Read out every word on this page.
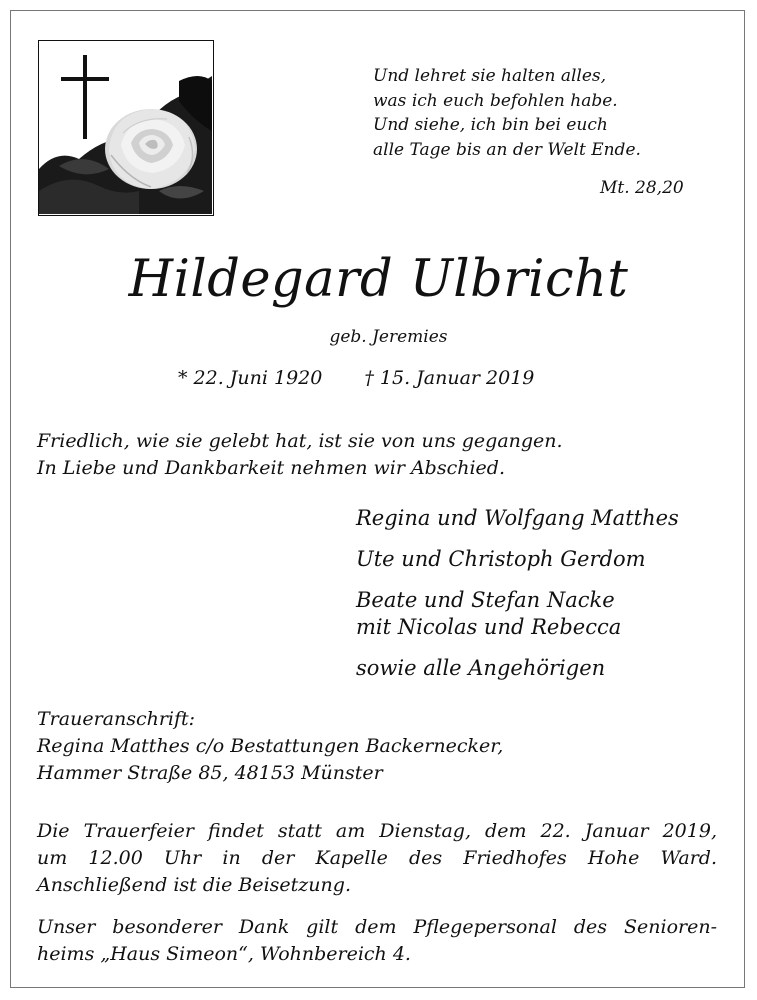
Und lehret sie halten alles,
was ich euch befohlen habe.
Und siehe, ich bin bei euch
alle Tage bis an der Welt Ende.
Mt. 28,20
Hildegard Ulbricht
geb. Jeremies
* 22. Juni 1920 † 15. Januar 2019
Friedlich, wie sie gelebt hat, ist sie von uns gegangen.
In Liebe und Dankbarkeit nehmen wir Abschied.
Regina und Wolfgang Matthes
Ute und Christoph Gerdom
Beate und Stefan Nacke
mit Nicolas und Rebecca
sowie alle Angehörigen
Traueranschrift:
Regina Matthes c/o Bestattungen Backernecker,
Hammer Straße 85, 48153 Münster
Die Trauerfeier findet statt am Dienstag, dem 22. Januar 2019,
um 12.00 Uhr in der Kapelle des Friedhofes Hohe Ward.
Anschließend ist die Beisetzung.
Unser besonderer Dank gilt dem Pflegepersonal des Senioren-
heims „Haus Simeon“, Wohnbereich 4.
